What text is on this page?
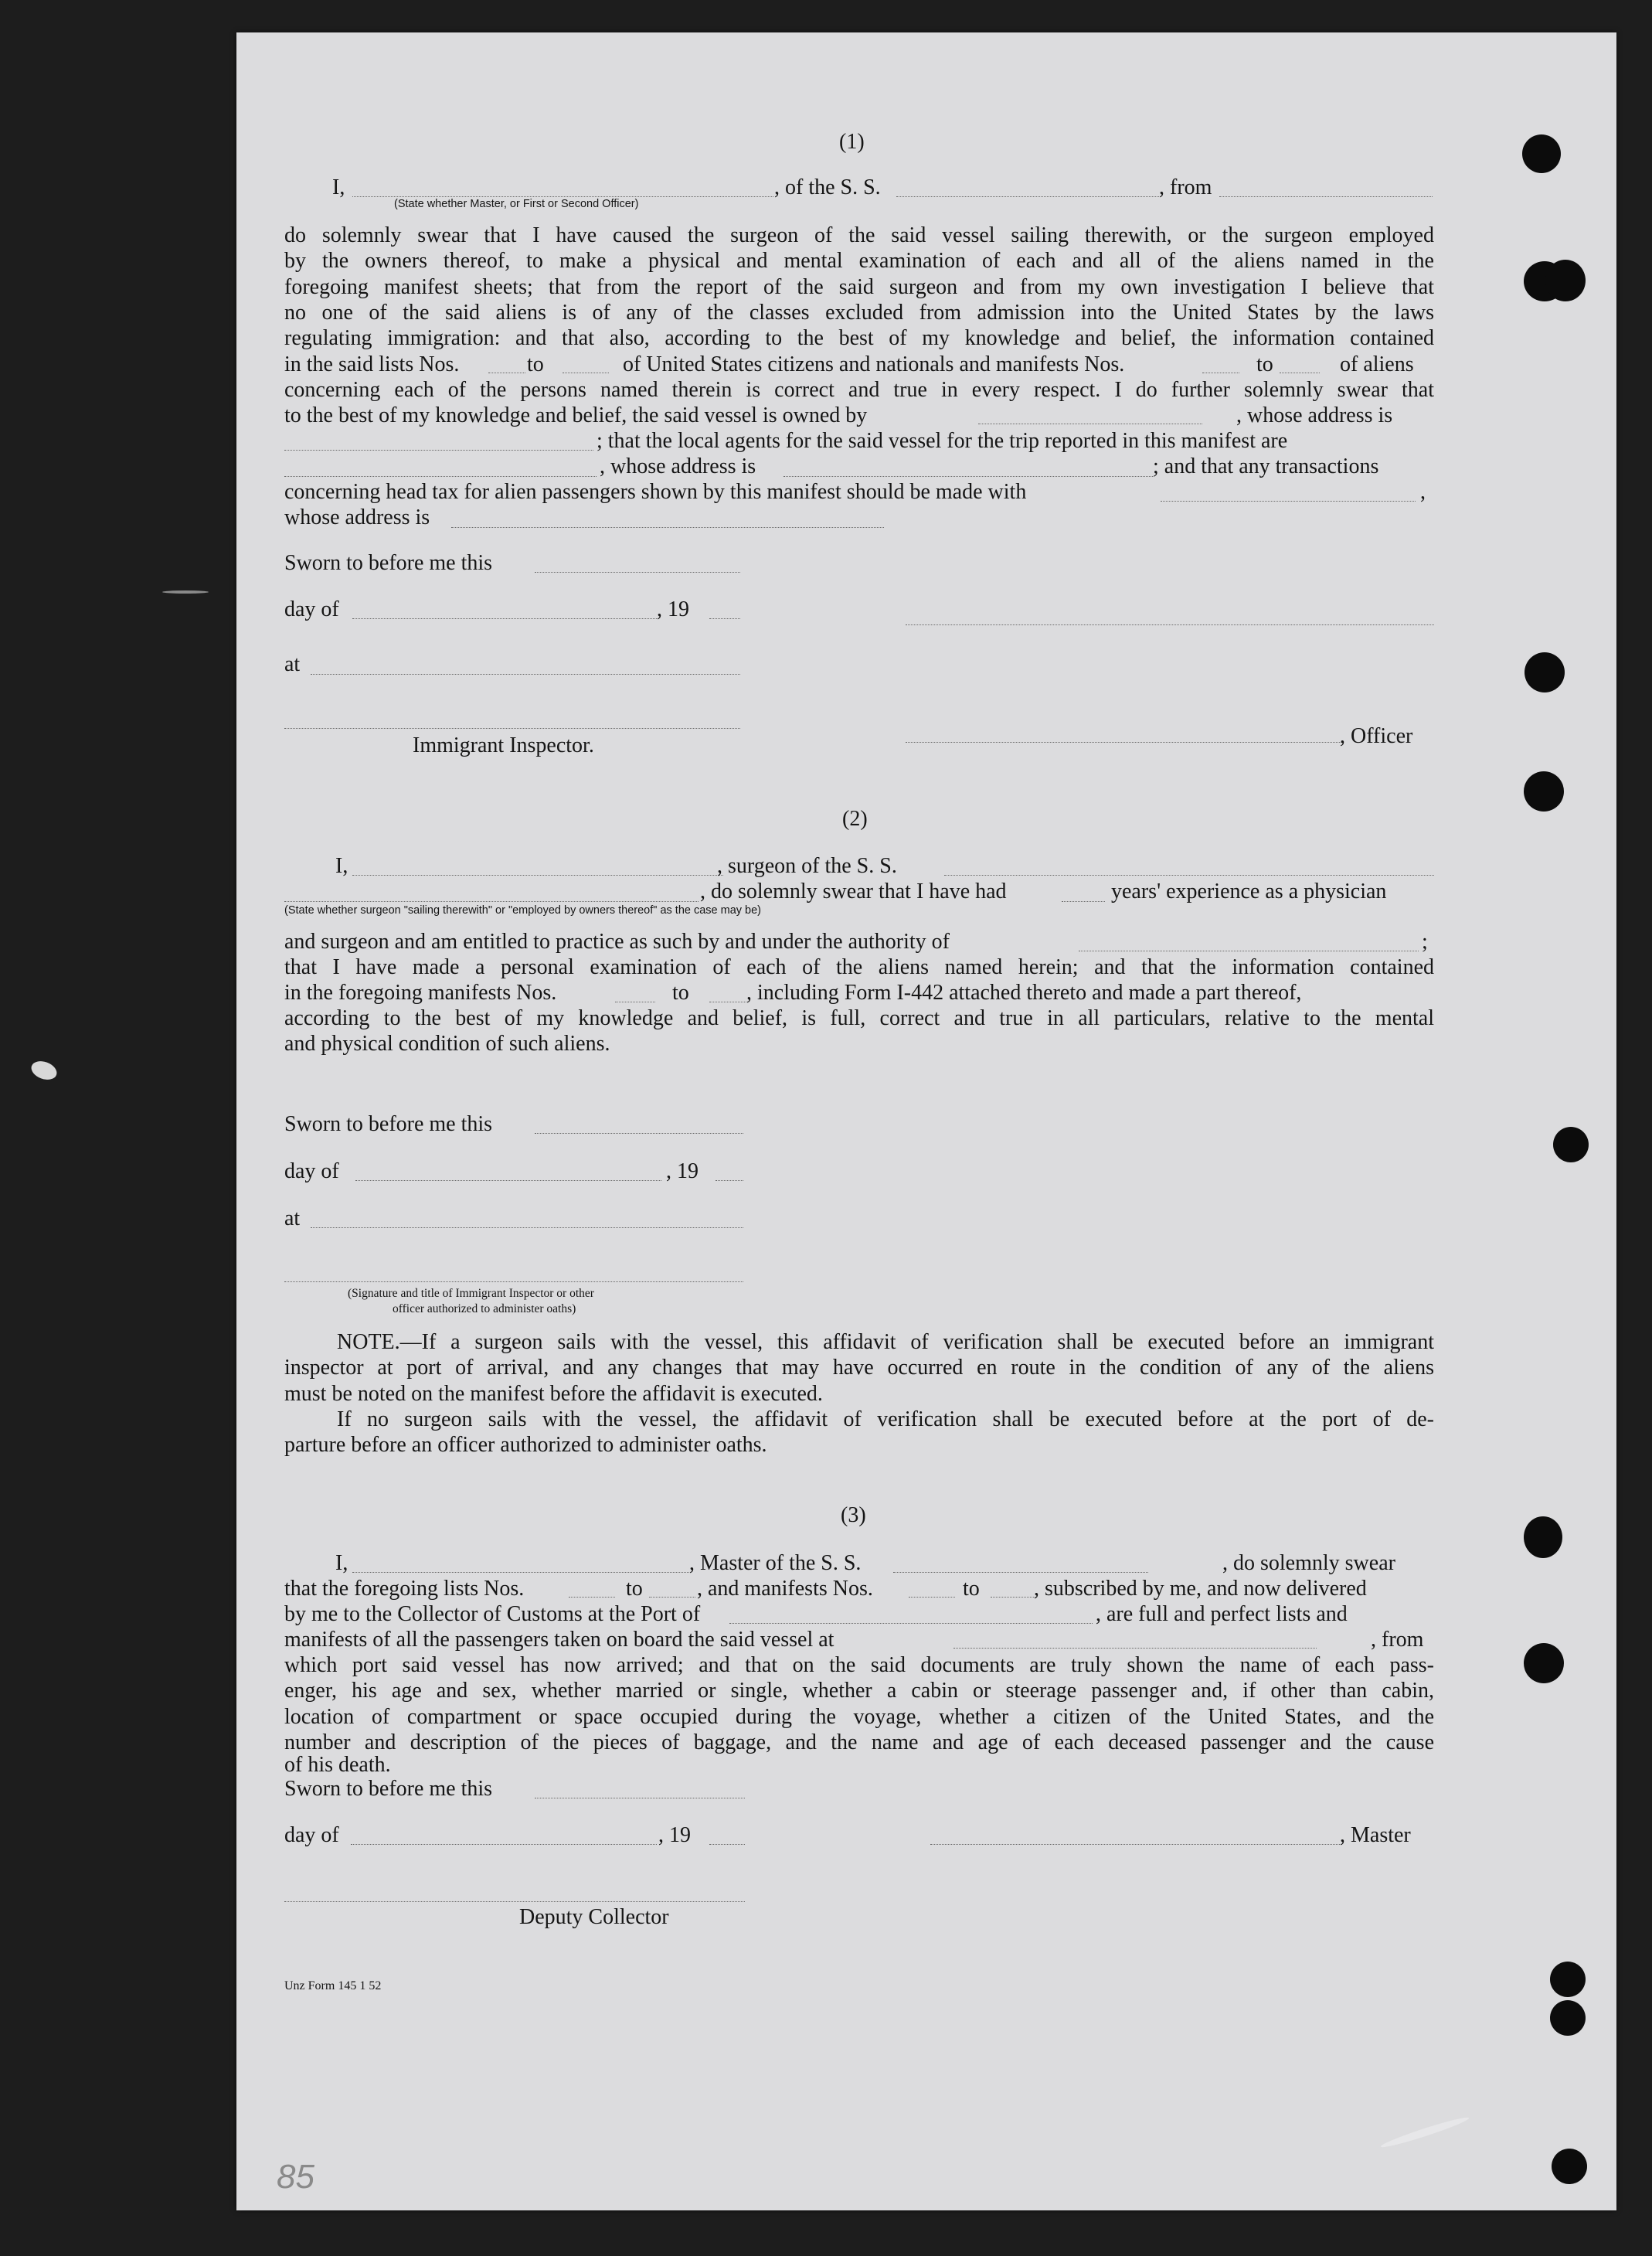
(1)
I,	, of the S. S.	, from
(State whether Master, or First or Second Officer)
do solemnly swear that I have caused the surgeon of the said vessel sailing therewith, or the surgeon employed
by the owners thereof, to make a physical and mental examination of each and all of the aliens named in the
foregoing manifest sheets; that from the report of the said surgeon and from my own investigation I believe that
no one of the said aliens is of any of the classes excluded from admission into the United States by the laws
regulating immigration: and that also, according to the best of my knowledge and belief, the information contained
in the said lists Nos.	to	of United States citizens and nationals and manifests Nos.	to	of aliens
concerning each of the persons named therein is correct and true in every respect. I do further solemnly swear that
to the best of my knowledge and belief, the said vessel is owned by	, whose address is
; that the local agents for the said vessel for the trip reported in this manifest are
, whose address is	; and that any transactions
concerning head tax for alien passengers shown by this manifest should be made with	,
whose address is
Sworn to before me this
day of	, 19
at
Immigrant Inspector.	, Officer
(2)
I,	, surgeon of the S. S.
, do solemnly swear that I have had	years' experience as a physician
(State whether surgeon "sailing therewith" or "employed by owners thereof" as the case may be)
and surgeon and am entitled to practice as such by and under the authority of	;
that I have made a personal examination of each of the aliens named herein; and that the information contained
in the foregoing manifests Nos.	to	, including Form I-442 attached thereto and made a part thereof,
according to the best of my knowledge and belief, is full, correct and true in all particulars, relative to the mental
and physical condition of such aliens.
Sworn to before me this
day of	, 19
at
(Signature and title of Immigrant Inspector or other
officer authorized to administer oaths)
NOTE.—If a surgeon sails with the vessel, this affidavit of verification shall be executed before an immigrant
inspector at port of arrival, and any changes that may have occurred en route in the condition of any of the aliens
must be noted on the manifest before the affidavit is executed.
If no surgeon sails with the vessel, the affidavit of verification shall be executed before at the port of de-
parture before an officer authorized to administer oaths.
(3)
I,	, Master of the S. S.	, do solemnly swear
that the foregoing lists Nos.	to	, and manifests Nos.	to	, subscribed by me, and now delivered
by me to the Collector of Customs at the Port of	, are full and perfect lists and
manifests of all the passengers taken on board the said vessel at	, from
which port said vessel has now arrived; and that on the said documents are truly shown the name of each pass-
enger, his age and sex, whether married or single, whether a cabin or steerage passenger and, if other than cabin,
location of compartment or space occupied during the voyage, whether a citizen of the United States, and the
number and description of the pieces of baggage, and the name and age of each deceased passenger and the cause
of his death.
Sworn to before me this
day of	, 19	, Master
Deputy Collector
Unz Form 145 1 52
85
